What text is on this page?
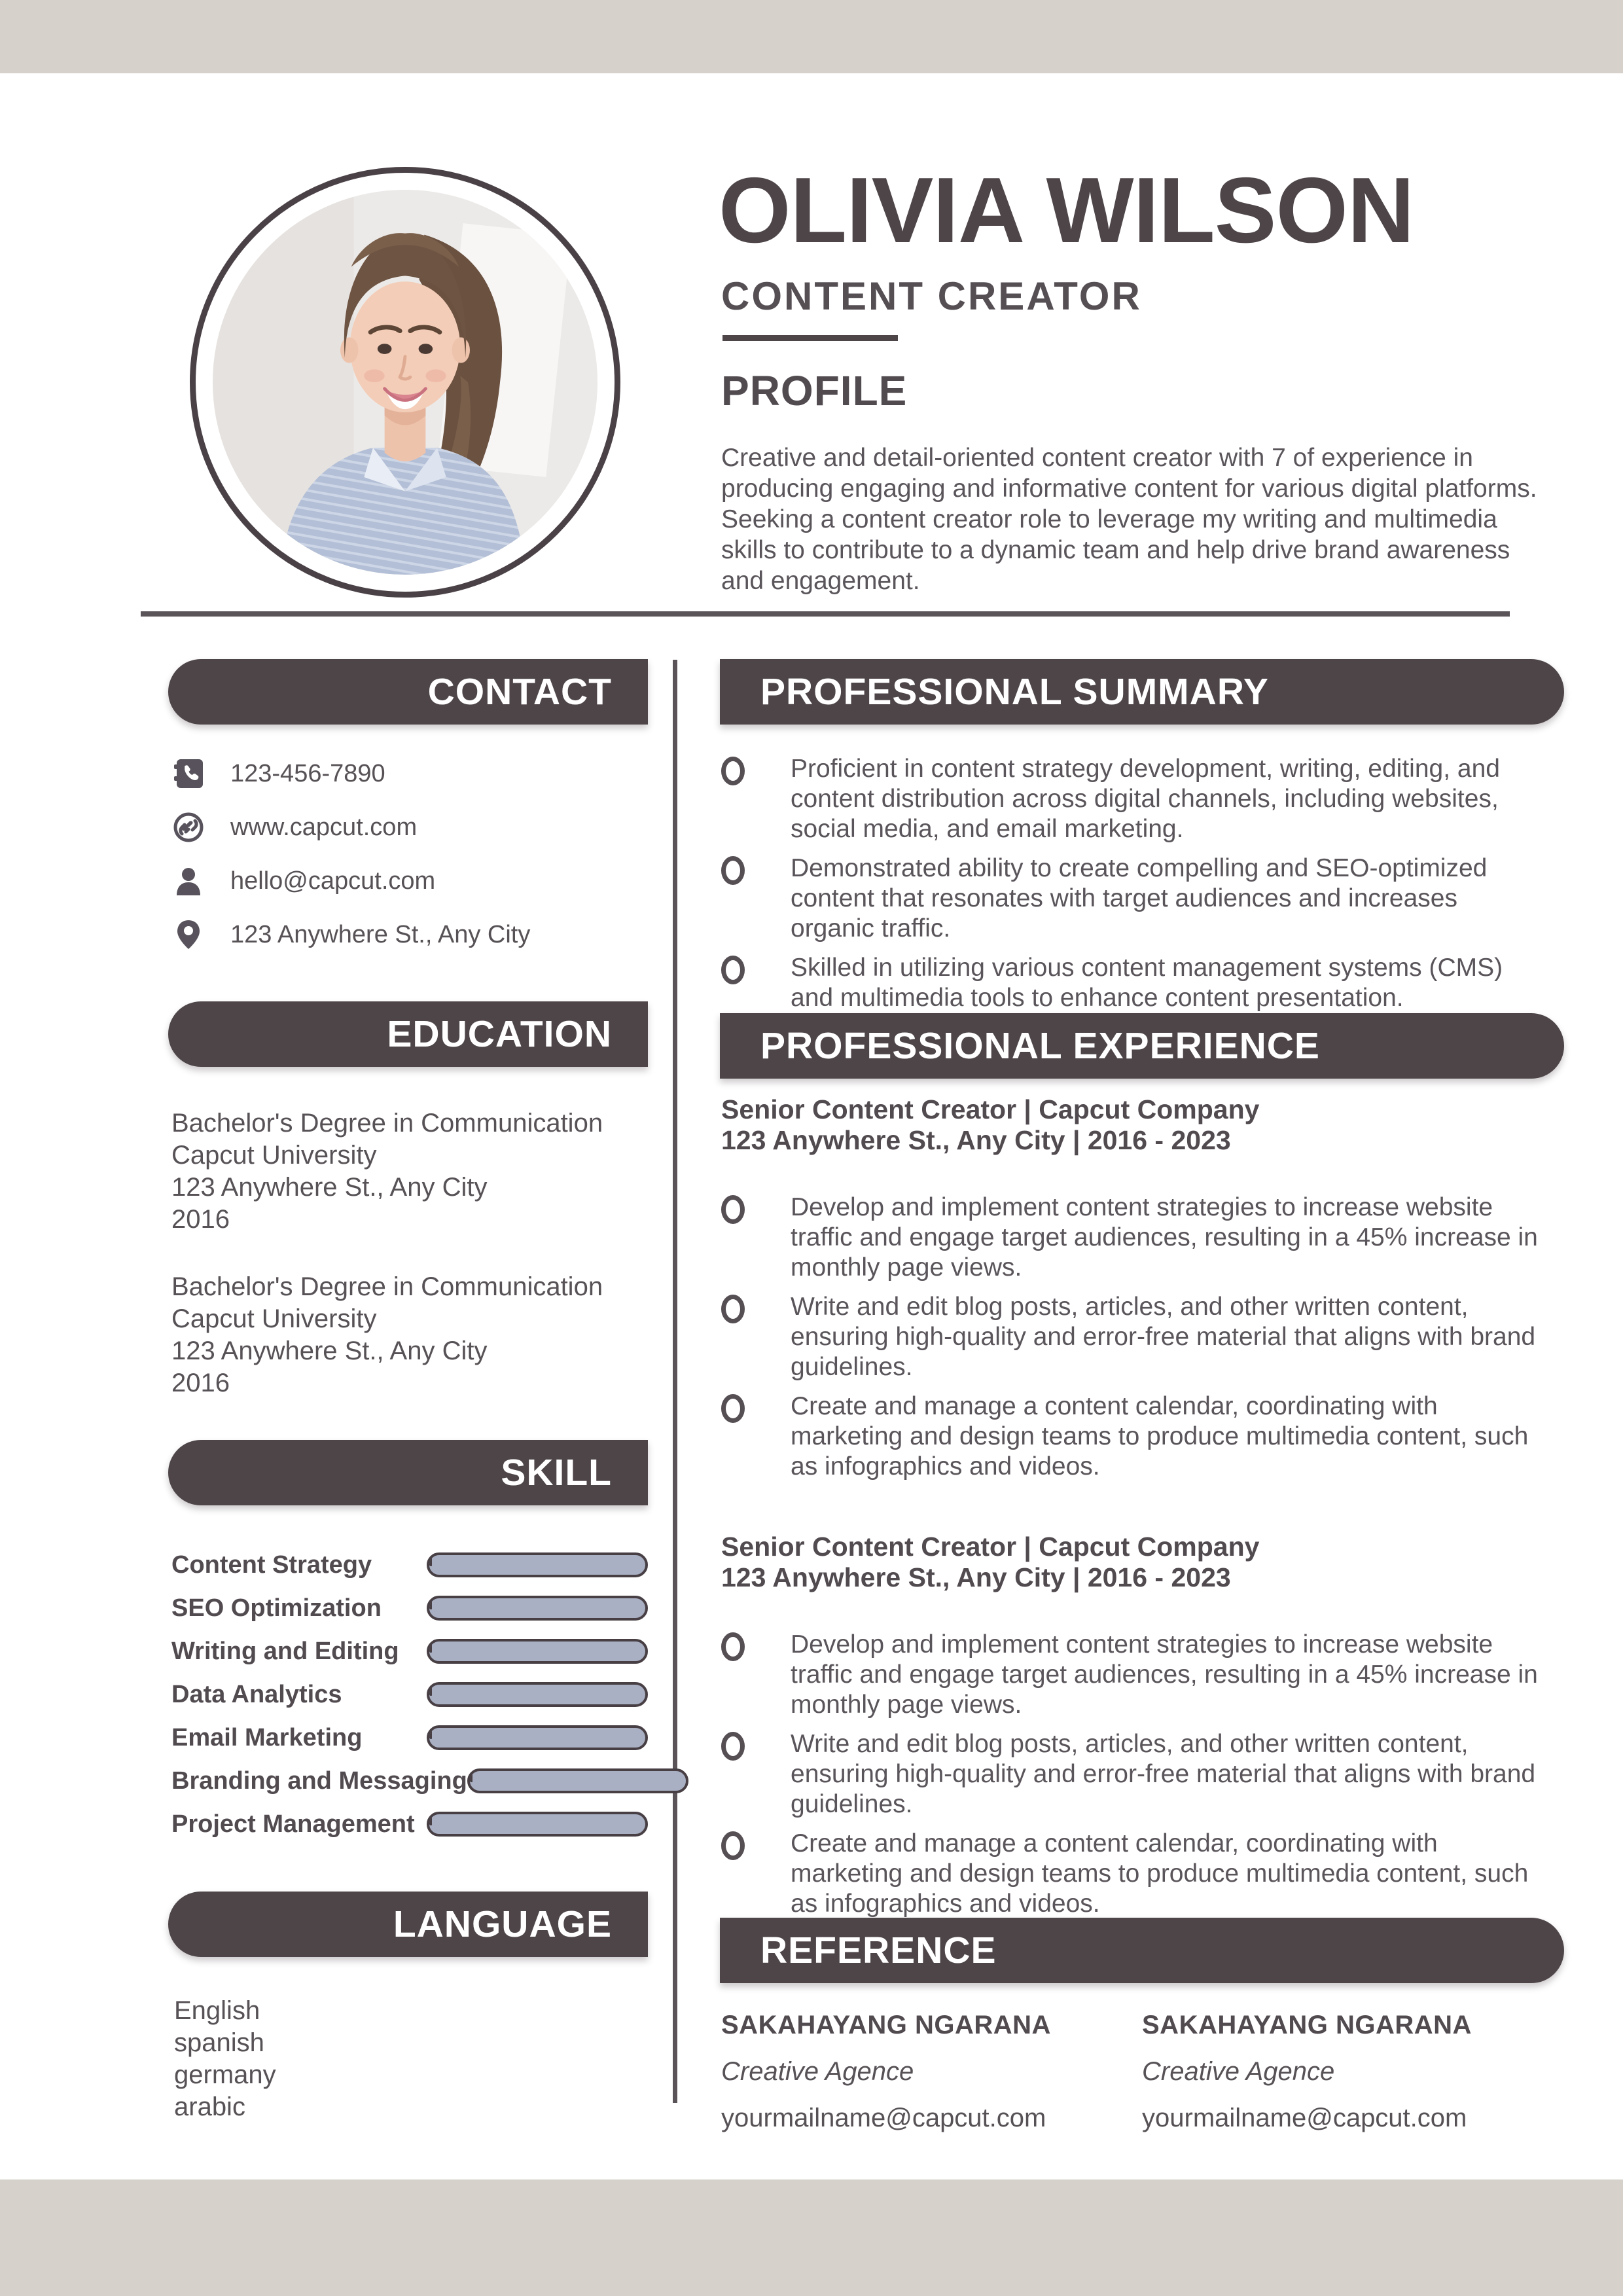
OLIVIA WILSON
CONTENT CREATOR
PROFILE
Creative and detail-oriented content creator with 7 of experience in producing engaging and informative content for various digital platforms. Seeking a content creator role to leverage my writing and multimedia skills to contribute to a dynamic team and help drive brand awareness and engagement.
CONTACT
EDUCATION
SKILL
LANGUAGE
123-456-7890
www.capcut.com
hello@capcut.com
123 Anywhere St., Any City
Bachelor's Degree in Communication
Capcut University
123 Anywhere St., Any City
2016
Bachelor's Degree in Communication
Capcut University
123 Anywhere St., Any City
2016
Content Strategy
SEO Optimization
Writing and Editing
Data Analytics
Email Marketing
Branding and Messaging
Project Management
English
spanish
germany
arabic
PROFESSIONAL SUMMARY
PROFESSIONAL EXPERIENCE
REFERENCE
Proficient in content strategy development, writing, editing, and content distribution across digital channels, including websites, social media, and email marketing.
Demonstrated ability to create compelling and SEO-optimized content that resonates with target audiences and increases organic traffic.
Skilled in utilizing various content management systems (CMS) and multimedia tools to enhance content presentation.
Senior Content Creator | Capcut Company
123 Anywhere St., Any City | 2016 - 2023
Develop and implement content strategies to increase website traffic and engage target audiences, resulting in a 45% increase in monthly page views.
Write and edit blog posts, articles, and other written content, ensuring high-quality and error-free material that aligns with brand guidelines.
Create and manage a content calendar, coordinating with marketing and design teams to produce multimedia content, such as infographics and videos.
Senior Content Creator | Capcut Company
123 Anywhere St., Any City | 2016 - 2023
Develop and implement content strategies to increase website traffic and engage target audiences, resulting in a 45% increase in monthly page views.
Write and edit blog posts, articles, and other written content, ensuring high-quality and error-free material that aligns with brand guidelines.
Create and manage a content calendar, coordinating with marketing and design teams to produce multimedia content, such as infographics and videos.
SAKAHAYANG NGARANA
Creative Agence
yourmailname@capcut.com
SAKAHAYANG NGARANA
Creative Agence
yourmailname@capcut.com
